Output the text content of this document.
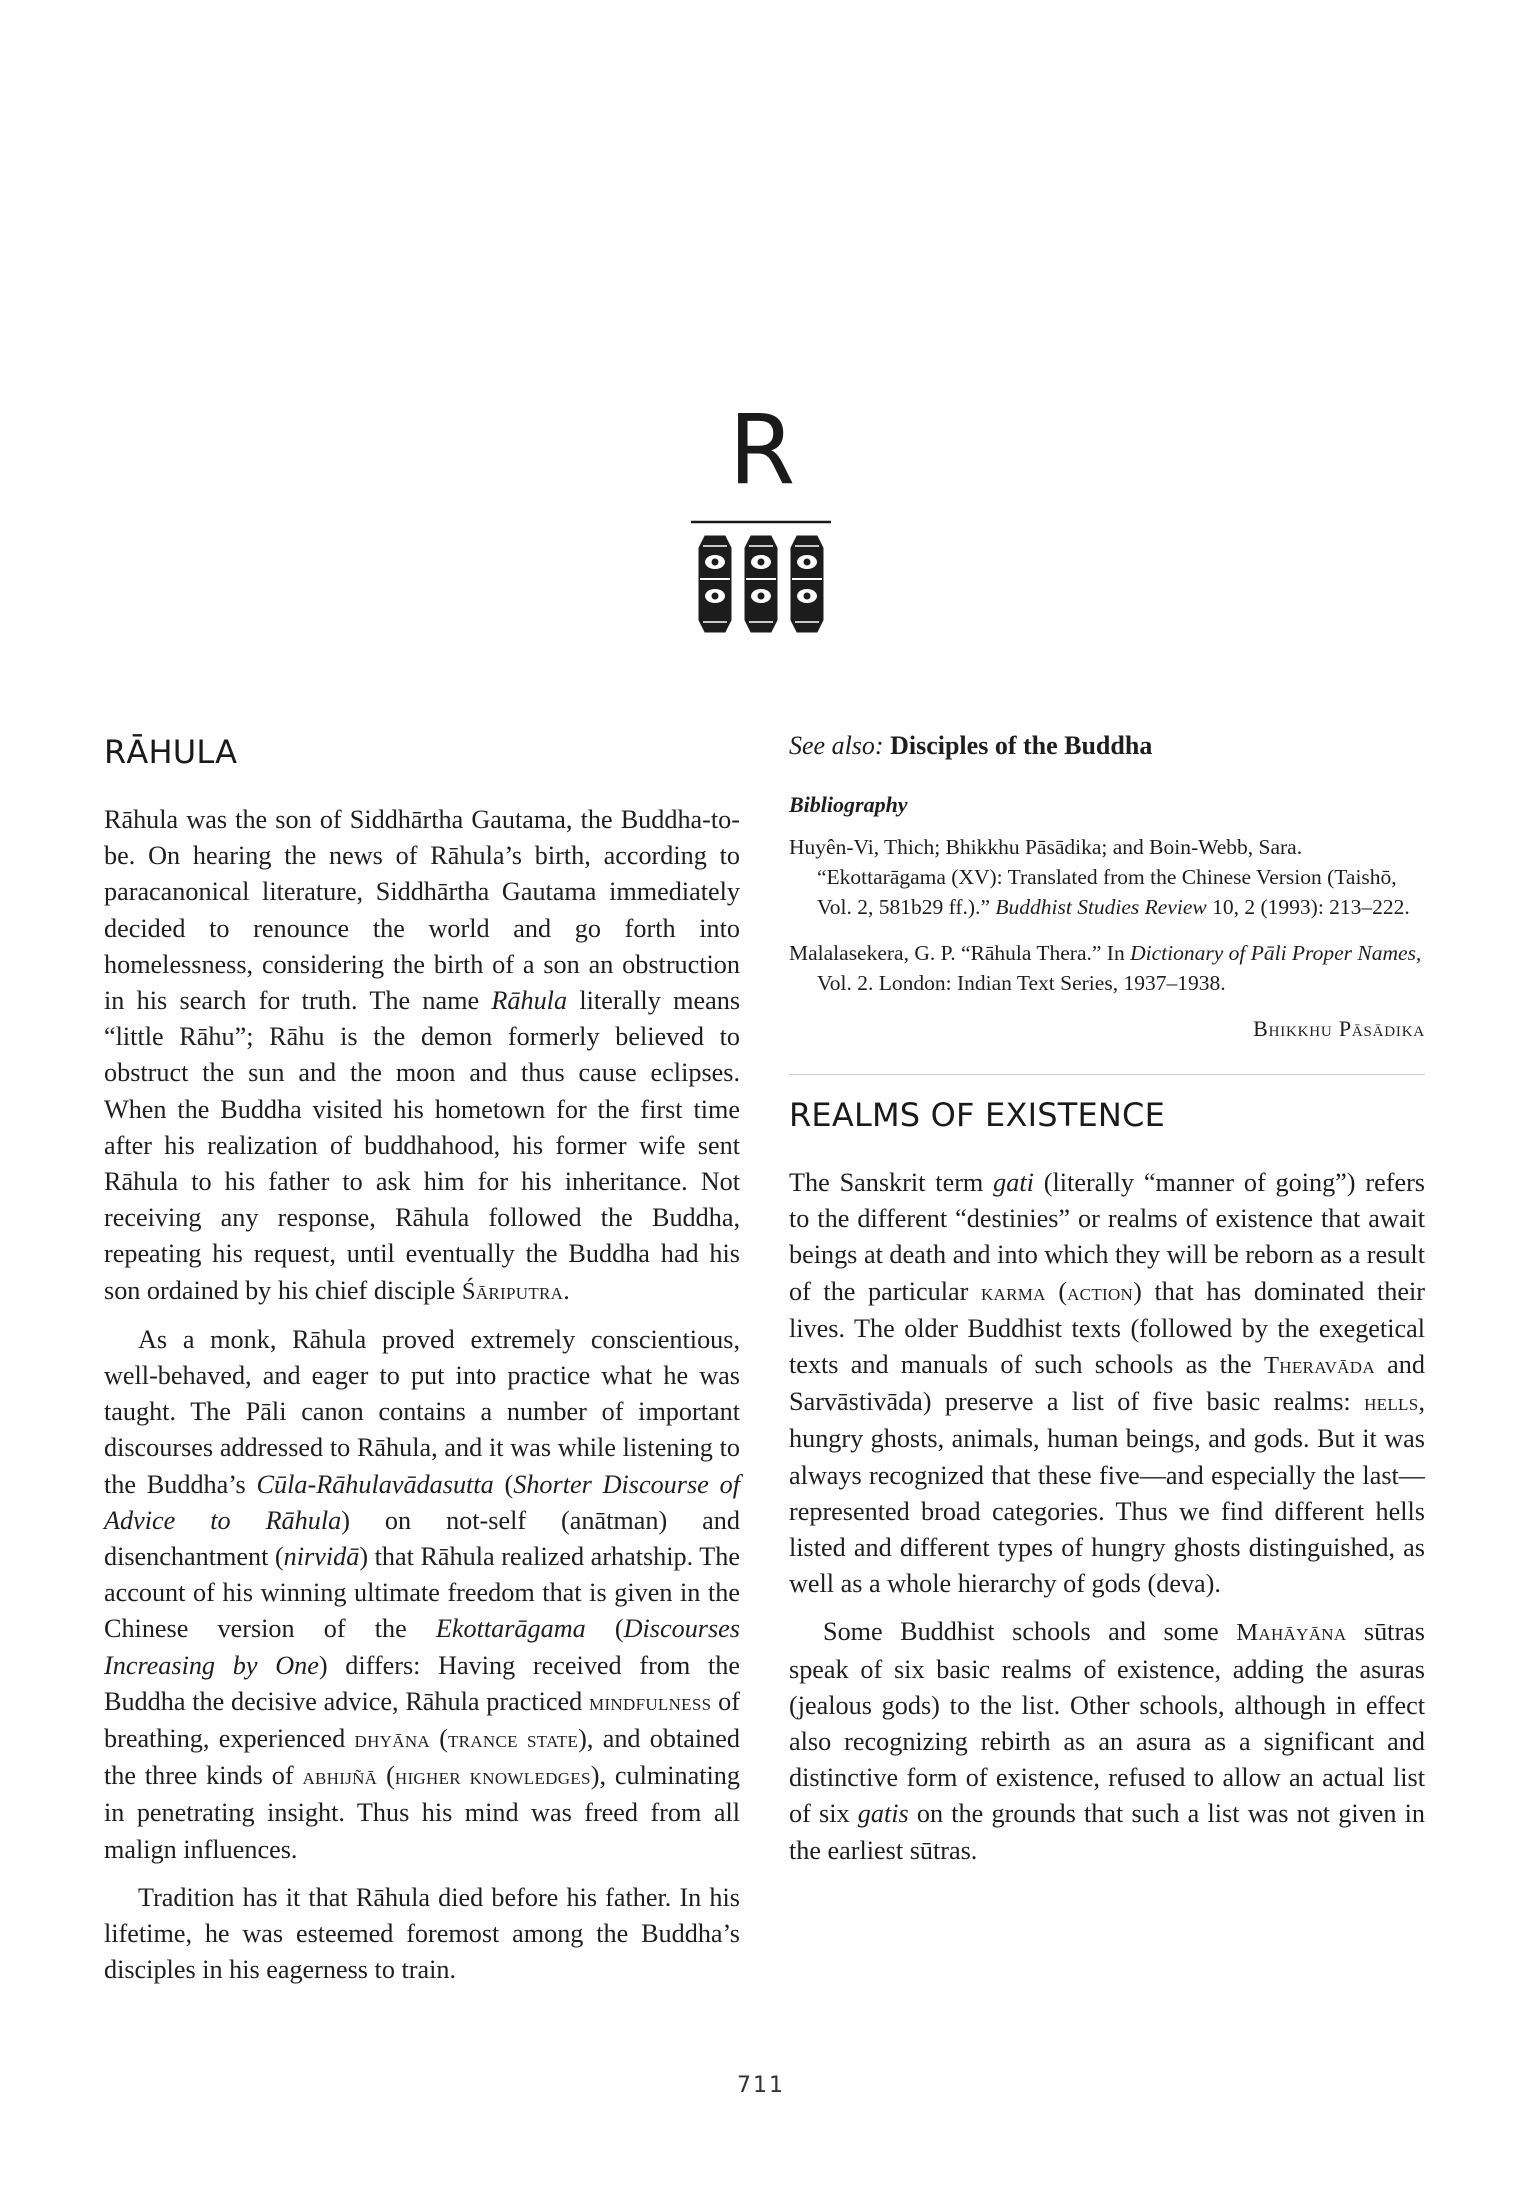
R
RĀHULA

Rāhula was the son of Siddhārtha Gautama, the Buddha-to-be. On hearing the news of Rāhula’s birth, according to paracanonical literature, Siddhārtha Gautama immediately decided to renounce the world and go forth into homelessness, considering the birth of a son an obstruction in his search for truth. The name Rāhula literally means “little Rāhu”; Rāhu is the demon formerly believed to obstruct the sun and the moon and thus cause eclipses. When the Buddha visited his hometown for the first time after his realization of buddhahood, his former wife sent Rāhula to his father to ask him for his inheritance. Not receiving any response, Rāhula followed the Buddha, repeating his request, until eventually the Buddha had his son ordained by his chief disciple Śāriputra.

As a monk, Rāhula proved extremely conscientious, well-behaved, and eager to put into practice what he was taught. The Pāli canon contains a number of important discourses addressed to Rāhula, and it was while listening to the Buddha’s Cūla-Rāhulavādasutta (Shorter Discourse of Advice to Rāhula) on not-self (anātman) and disenchantment (nirvidā) that Rāhula realized arhatship. The account of his winning ultimate freedom that is given in the Chinese version of the Ekottarāgama (Discourses Increasing by One) differs: Having received from the Buddha the decisive advice, Rāhula practiced mindfulness of breathing, experienced dhyāna (trance state), and obtained the three kinds of abhijñā (higher knowledges), culminating in penetrating insight. Thus his mind was freed from all malign influences.

Tradition has it that Rāhula died before his father. In his lifetime, he was esteemed foremost among the Buddha’s disciples in his eagerness to train.

See also: Disciples of the Buddha

Bibliography

Huyên-Vi, Thich; Bhikkhu Pāsādika; and Boin-Webb, Sara. “Ekottarāgama (XV): Translated from the Chinese Version (Taishō, Vol. 2, 581b29 ff.).” Buddhist Studies Review 10, 2 (1993): 213–222.

Malalasekera, G. P. “Rāhula Thera.” In Dictionary of Pāli Proper Names, Vol. 2. London: Indian Text Series, 1937–1938.

Bhikkhu Pāsādika
REALMS OF EXISTENCE

The Sanskrit term gati (literally “manner of going”) refers to the different “destinies” or realms of existence that await beings at death and into which they will be reborn as a result of the particular karma (action) that has dominated their lives. The older Buddhist texts (followed by the exegetical texts and manuals of such schools as the Theravāda and Sarvāstivāda) preserve a list of five basic realms: hells, hungry ghosts, animals, human beings, and gods. But it was always recognized that these five—and especially the last—represented broad categories. Thus we find different hells listed and different types of hungry ghosts distinguished, as well as a whole hierarchy of gods (deva).

Some Buddhist schools and some Mahāyāna sūtras speak of six basic realms of existence, adding the asuras (jealous gods) to the list. Other schools, although in effect also recognizing rebirth as an asura as a significant and distinctive form of existence, refused to allow an actual list of six gatis on the grounds that such a list was not given in the earliest sūtras.

711
